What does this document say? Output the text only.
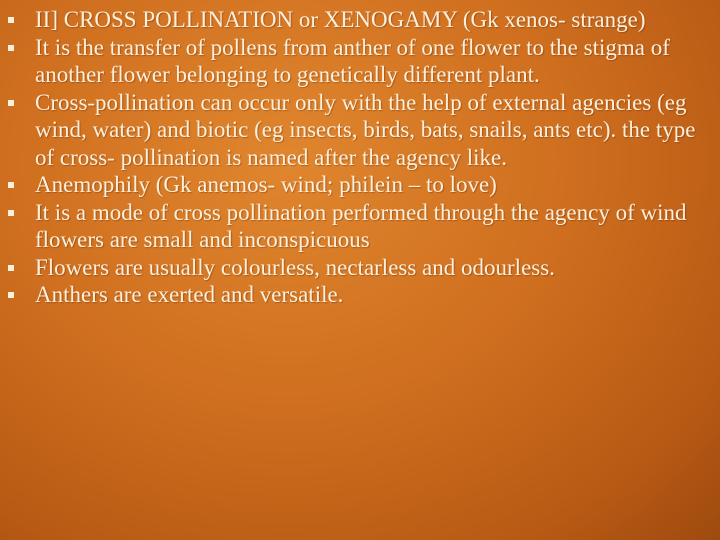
II] CROSS POLLINATION or XENOGAMY (Gk xenos- strange)
It is the transfer of pollens from anther of one flower to the stigma of another flower belonging to genetically different plant.
Cross-pollination can occur only with the help of external agencies (eg wind, water) and biotic (eg insects, birds, bats, snails, ants etc). the type of cross- pollination is named after the agency like.
Anemophily (Gk anemos- wind; philein – to love)
It is a mode of cross pollination performed through the agency of wind flowers are small and inconspicuous
Flowers are usually colourless, nectarless and odourless.
Anthers are exerted and versatile.
